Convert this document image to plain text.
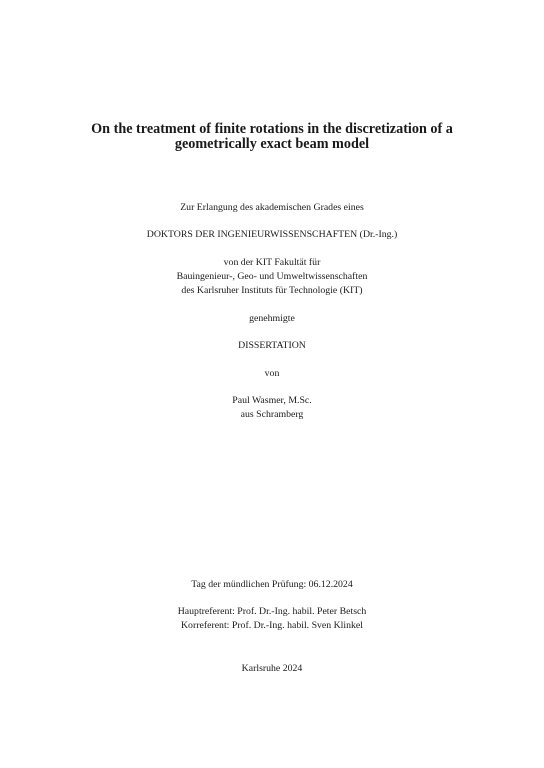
On the treatment of finite rotations in the discretization of a
geometrically exact beam model
Zur Erlangung des akademischen Grades eines
DOKTORS DER INGENIEURWISSENSCHAFTEN (Dr.-Ing.)
von der KIT Fakultät für
Bauingenieur-, Geo- und Umweltwissenschaften
des Karlsruher Instituts für Technologie (KIT)
genehmigte
DISSERTATION
von
Paul Wasmer, M.Sc.
aus Schramberg
Tag der mündlichen Prüfung: 06.12.2024
Hauptreferent: Prof. Dr.-Ing. habil. Peter Betsch
Korreferent: Prof. Dr.-Ing. habil. Sven Klinkel
Karlsruhe 2024
